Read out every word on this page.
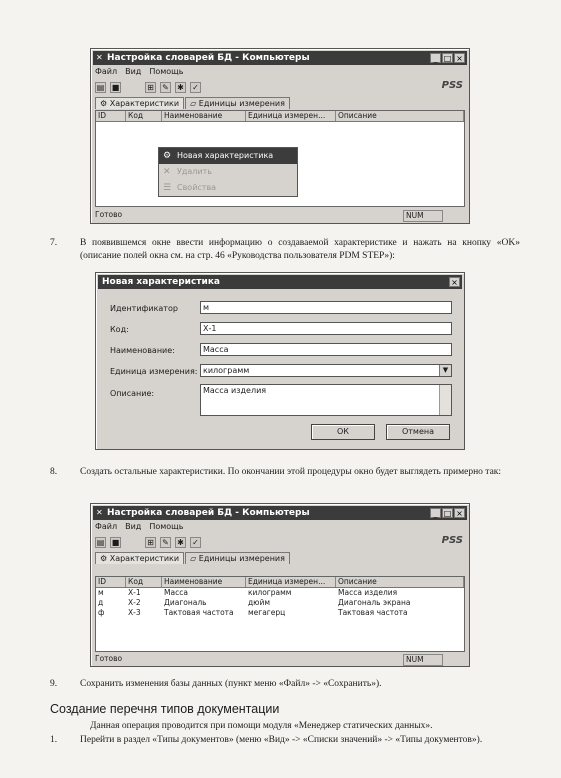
✕ Настройка словарей БД - Компьютеры	_ □ ×
Файл Вид Помощь
▤ ■	⊞ ✎ ✱ ✓	PSS
⚙ Характеристики	▱ Единицы измерения
ID	Код	Наименование	Единица измерен...	Описание
Готово	NUM
⚙ Новая характеристика
✕ Удалить
☰ Свойства
7. В появившемся окне ввести информацию о создаваемой характеристике и нажать на кнопку «OK» (описание полей окна см. на стр. 46 «Руководства пользователя PDM STEP»):
Новая характеристика	×
Идентификатор	м
Код:	Х-1
Наименование:	Масса
Единица измерения: килограмм	▼
Описание:	Масса изделия
ОК	Отмена
8. Создать остальные характеристики. По окончании этой процедуры окно будет выглядеть примерно так:
✕ Настройка словарей БД - Компьютеры	_ □ ×
Файл Вид Помощь
▤ ■	⊞ ✎ ✱ ✓	PSS
⚙ Характеристики	▱ Единицы измерения
ID	Код	Наименование	Единица измерен...	Описание
м	Х-1	Масса	килограмм	Масса изделия
д	Х-2	Диагональ	дюйм	Диагональ экрана
ф	Х-3	Тактовая частота	мегагерц	Тактовая частота
Готово	NUM
9. Сохранить изменения базы данных (пункт меню «Файл» -> «Сохранить»).
Создание перечня типов документации
Данная операция проводится при помощи модуля «Менеджер статических данных».
1. Перейти в раздел «Типы документов» (меню «Вид» -> «Списки значений» -> «Типы документов»).
